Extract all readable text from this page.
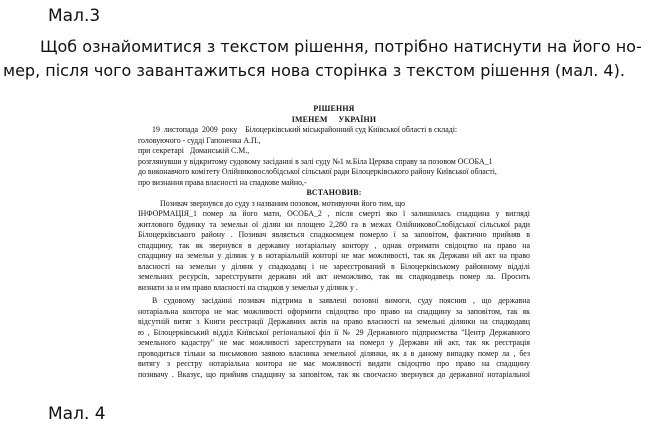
Мал.3
Щоб ознайомитися з текстом рішення, потрібно натиснути на його но-
мер, після чого завантажиться нова сторінка з текстом рішення (мал. 4).
РІШЕННЯ
ІМЕНЕМ     УКРАЇНИ
19  листопада  2009  року Білоцерківський міськрайонний суд Київської області в складі:
головуючого - судді Гапоненка А.П.,
при секретарі   Доманській С.М.,
розглянувши у відкритому судовому засіданні в залі суду №1 м.Біла Церква справу за позовом ОСОБА_1
до виконавчого комітету Олійниковослобідської сільської ради Білоцерківського району Київської області,
про визнання права власності на спадкове майно,-
ВСТАНОВИВ:
Позивач звернувся до суду з названим позовом, мотивуючи його тим, що
ІНФОРМАЦІЯ_1 помер ла його мати, ОСОБА_2 , після смерті яко ї залишилась спадщина у вигляді
житлового будинку та земельн ої ділян ки площею 2,280 га в межах ОлійниковоСлобідської сільської ради
Білоцерківського району . Позивач являється спадкоємцем померло ї за заповітом, фактично прийняв в
спадщину, так як звернувся в державну нотаріальну контору , однак отримати свідоцтво на право на
спадщину на земельн у ділянк у в нотаріальній конторі не має можливості, так як Державн ий акт на право
власності на земельн у ділянк у спадкодавц і не зареєстрований в Білоцерківському районному відділі
земельних ресурсів, зареєструвати державн ий акт неможливо, так як спадкодавець помер ла. Просить
визнати за н им право власності на спадков у земельн у ділянк у .
В судовому засіданні позивач підтрима в заявлені позовні вимоги, суду пояснив , що державна
нотаріальна контора не має можливості оформити свідоцтво про право на спадщину за заповітом, так як
відсутній витяг з Книги реєстрації Державних актів на право власності на земельні ділянки на спадкодавц
ю , Білоцерківський відділ Київської регіональної філ ії № 29 Державного підприємства "Центр Державного
земельного кадастру" не має можливості зареєструвати на померл у Державн ий акт, так як реєстрація
проводиться тільки за письмовою заявою власника земельної ділянки, як а в даному випадку помер ла , без
витягу з реєстру нотаріальна контора не має можливості видати свідоцтво про право на спадщину
позивачу . Вказує, що прийняв спадщину за заповітом, так як своєчасно звернувся до державної нотаріальної
Мал. 4
